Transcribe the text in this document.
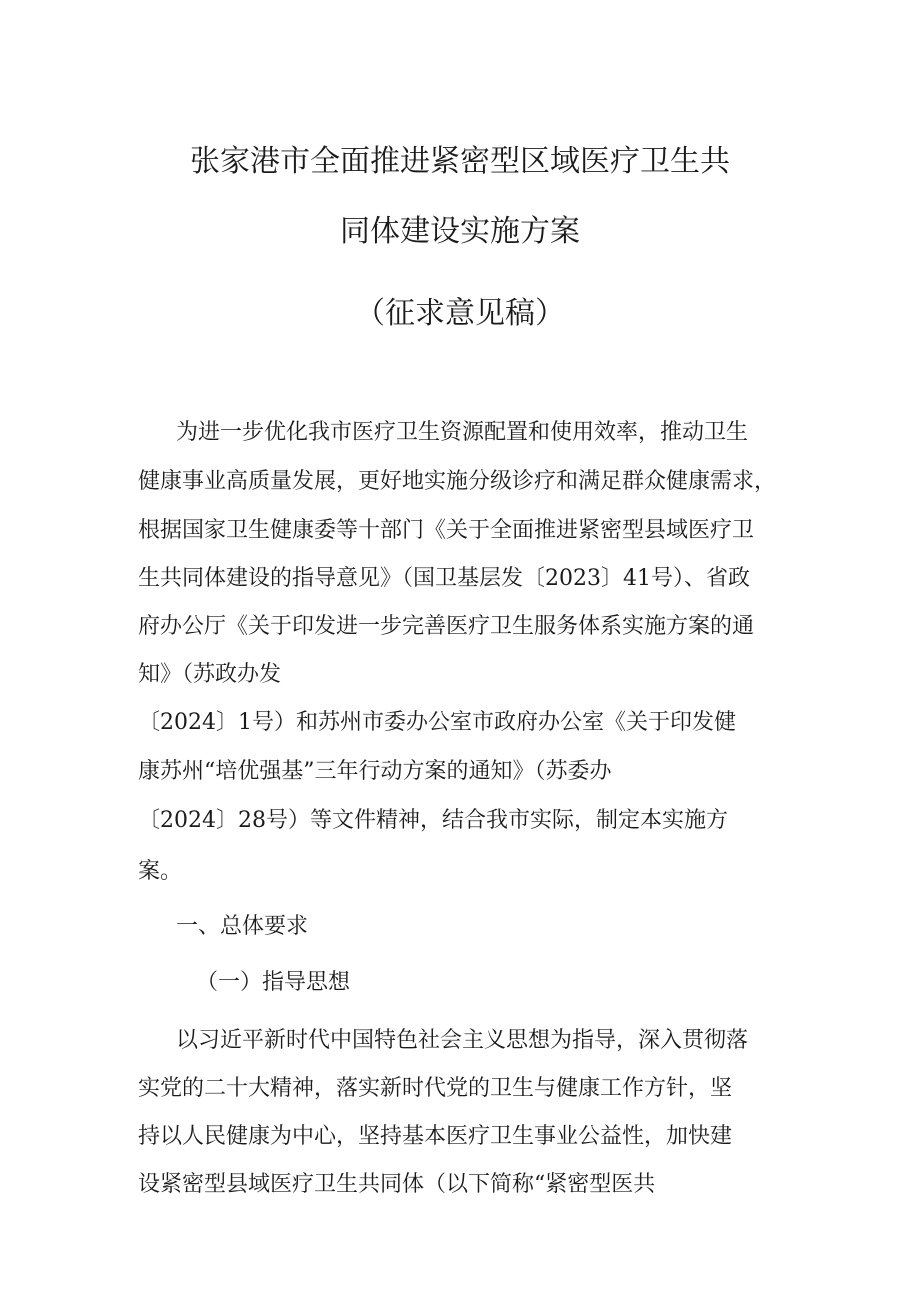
张家港市全面推进紧密型区域医疗卫生共
同体建设实施方案
（征求意见稿）
为进一步优化我市医疗卫生资源配置和使用效率，推动卫生
健康事业高质量发展，更好地实施分级诊疗和满足群众健康需求，
根据国家卫生健康委等十部门《关于全面推进紧密型县域医疗卫
生共同体建设的指导意见》（国卫基层发〔2023〕41号）、省政
府办公厅《关于印发进一步完善医疗卫生服务体系实施方案的通
知》（苏政办发
〔2024〕1号）和苏州市委办公室市政府办公室《关于印发健
康苏州“培优强基”三年行动方案的通知》（苏委办
〔2024〕28号）等文件精神，结合我市实际，制定本实施方
案。
一、总体要求
（一）指导思想
以习近平新时代中国特色社会主义思想为指导，深入贯彻落
实党的二十大精神，落实新时代党的卫生与健康工作方针，坚
持以人民健康为中心，坚持基本医疗卫生事业公益性，加快建
设紧密型县域医疗卫生共同体（以下简称“紧密型医共
